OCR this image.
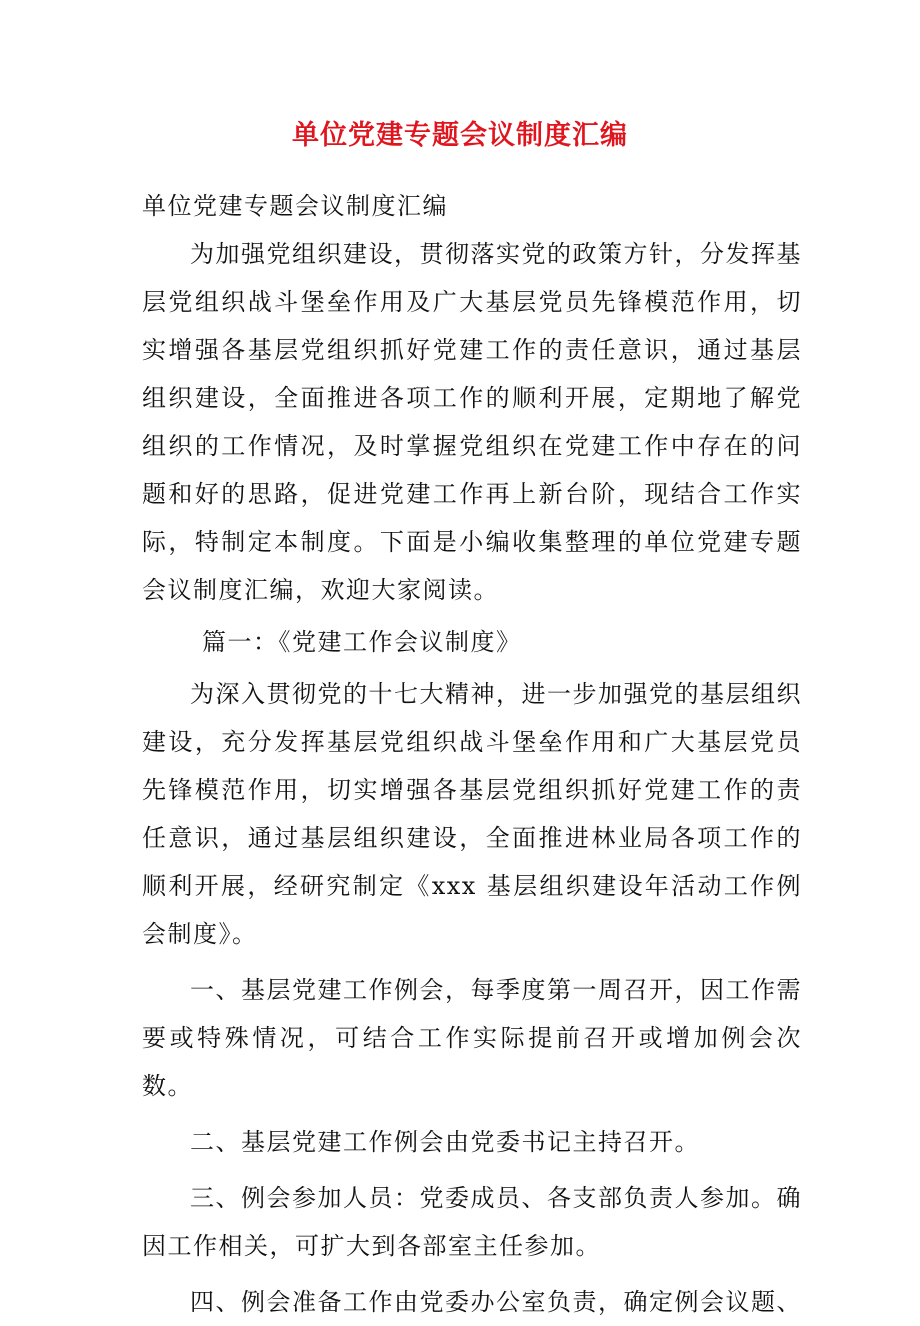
单位党建专题会议制度汇编

单位党建专题会议制度汇编

为加强党组织建设，贯彻落实党的政策方针，分发挥基层党组织战斗堡垒作用及广大基层党员先锋模范作用，切实增强各基层党组织抓好党建工作的责任意识，通过基层组织建设，全面推进各项工作的顺利开展，定期地了解党组织的工作情况，及时掌握党组织在党建工作中存在的问题和好的思路，促进党建工作再上新台阶，现结合工作实际，特制定本制度。下面是小编收集整理的单位党建专题会议制度汇编，欢迎大家阅读。

篇一：《党建工作会议制度》

为深入贯彻党的十七大精神，进一步加强党的基层组织建设，充分发挥基层党组织战斗堡垒作用和广大基层党员先锋模范作用，切实增强各基层党组织抓好党建工作的责任意识，通过基层组织建设，全面推进林业局各项工作的顺利开展，经研究制定《xxx 基层组织建设年活动工作例会制度》。

一、基层党建工作例会，每季度第一周召开，因工作需要或特殊情况，可结合工作实际提前召开或增加例会次数。

二、基层党建工作例会由党委书记主持召开。

三、例会参加人员：党委成员、各支部负责人参加。确因工作相关，可扩大到各部室主任参加。

四、例会准备工作由党委办公室负责，确定例会议题、
